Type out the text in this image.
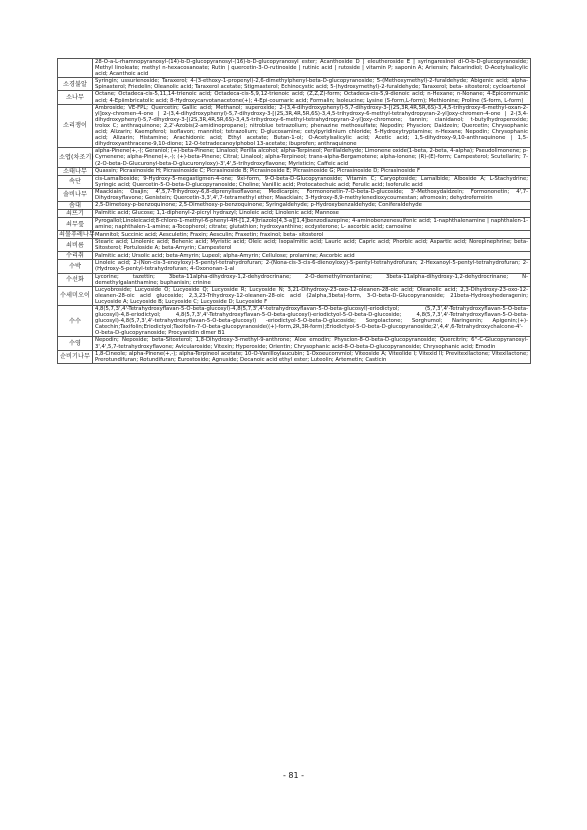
	28-O-a-L-rhamnopyranosyl-(14)-b-D-glucopyranosyl-(16)-b-D-glucopyranosyl ester; Acanthoside D | eleutheroside E | syringaresinol di-O-b-D-glucopyranoside; Methyl linoleate; methyl n-hexacosanoate; Rutin | quercetin-3-O-rutinoside | rutinic acid | rutoside | vitamin P; saponin A; Ariensin; Falcarindiol; O-Acetylsalicylic acid; Acanthoic acid
소경불알	Syringin; ussurienoside; Taraxerol; 4-(3-ethoxy-1-propenyl)-2,6-dimethylphenyl-beta-D-glucopyranoside; 5-(Methoxymethyl)-2-furaldehyde; Abigenic acid; alpha-Spinasterol; Friedelin; Oleanolic acid; Taraxerol acetate; Stigmasterol; Echinocystic acid; 5-(hydroxymethyl)-2-furaldehyde; Taraxerol; beta- sitosterol; cycloartenol
소나무	Octane; Octadeca-cis-5,11,14-trienoic acid; Octadeca-cis-5,9,12-trienoic acid; (Z,Z,Z)-form; Octadeca-cis-5,9-dienoic acid; n-Hexane; n-Nonane; 4-Epicommunic acid; 4-Epiimbricatolic acid; 8-Hydroxycarvotanacetone(+); 4-Epi-coumaric acid; Formalin; Isoleucine; Lysine (S-form,L-form); Methionine; Proline (S-form, L-form)
소리쟁이	Ambroside; VE-FPL; Quercetin; Gallic acid; Methanol; superoxide; 2-(3,4-dihydroxyphenyl)-5,7-dihydroxy-3-[(2S,3R,4R,5R,6S)-3,4,5-trihydroxy-6-methyl-oxan-2-yl]oxy-chromen-4-one | 2-(3,4-dihydroxyphenyl)-5,7-dihydroxy-3-[(2S,3R,4R,5R,6S)-3,4,5-trihydroxy-6-methyl-tetrahydropyran-2-yl]oxy-chromen-4-one | 2-(3,4-dihydroxyphenyl)-5,7-dihydroxy-3-[(2S,3R,4R,5R,6S)-3,4,5-trihydroxy-6-methyl-tetrahydropyran-2-yl]oxy-chromone; tannin; cianidanol; t-butylhydroperoxide; trolox C; anthraquinone; 2,2'-Azobis(2-amidinopropane); nitroblue tetrazolium; phenazine methosulfate; Nepodin; Physcion; Daidzein; Quercetin; Chrysophanic acid; Alizarin; Kaempferol; isoflavon; mannitol; tetrazolium; D-glucosamine; cetylpyridinium chloride; 5-Hydroxytryptamine; n-Hexane; Nepodin; Chrysophanic acid; Alizarin; Histamine; Arachidonic acid; Ethyl acetate; Butan-1-ol; O-Acetylsalicylic acid; Acetic acid; 1,5-dihydroxy-9,10-anthraquinone | 1,5-dihydroxyanthracene-9,10-dione; 12-O-tetradecanoylphobol 13-acetate; ibuprofen; anthraquinone
소엽(차조기)	alpha-Pinene(+,-); Geraniol; (+)-beta-Pinene; Linalool; Perilla alcohol; alpha-Terpineol; Perillaldehyde; Limonene oxide(1-beta, 2-beta, 4-alpha); Pseudolimonene; p-Cymenene; alpha-Pinene(+,-); (+)-beta-Pinene; Citral; Linalool; alpha-Terpineol; trans-alpha-Bergamotene; alpha-lonone; (R)-(E)-form; Campesterol; Scutellarin; 7-(2-O-beta-D-Glucuronyl-beta-D-glucuronyloxy)-3',4',5-trihydroxyflavone; Myristicin; Caffeic acid
소태나무	Quassin; Picrasinoside H; Picrasinoside C; Picrasinoside B; Picrasinoside E; Picrasinoside G; Picrasinoside D; Picrasinoside F
속단	cis-Lamalboside; 9-Hydroxy-5-megastigmen-4-one; 9xi-form, 9-O-beta-D-Glucopyranoside; Vitamin C; Caryoptoside; Lamalbide; Alboside A; L-Stachydrine; Syringic acid; Quercetin-5-O-beta-D-glucopyranoside; Choline; Vanillic acid; Protocatechuic acid; Ferulic acid; Isoferulic acid
솔비나무	Maackiain; Osajin; 4',5,7-Trihydroxy-6,8-diprenylisoflavone; Medicarpin; Formononetin-7-O-beta-D-glucoside; 3'-Methoxydaidzein; Formononetin; 4',7-Dihydroxyflavone; Genistein; Quercetin-3,3',4',7-tetramethyl ether; Maackiain; 3-Hydroxy-8,9-methylenedioxycoumestan; afromosin; dehydroferreirin
솜대	2,5-Dimetoxy-p-benzoquinone; 2,5-Dimethoxy-p-benzoquinone; Syringaldehyde; p-Hydroxybenzaldehyde; Coniferaldehyde
쇠뜨기	Palmitic acid; Glucose; 1,1-diphenyl-2-picryl hydrazyl; Linoleic acid; Linolenic acid; Mannose
쇠무릎	Pyrogallol;Linoleicacid;8-chloro-1-methyl-6-phenyl-4H-[1,2,4]triazolo[4,3-a][1,4]benzodiazepine; 4-aminobenzenesulfonic acid; 1-naphthalenamine | naphthalen-1-amine; naphthalen-1-amine; a-Tocopherol; citrate; glutathion; hydroxyanthine; ecdysterone; L- ascorbic acid; carnosine
쇠물푸레나무	Mannitol; Succinic acid; Aesculetin; Fraxin; Aesculin; Fraxetin; fraxinol; beta- sitosterol
쇠비름	Stearic acid; Linolenic acid; Behenic acid; Myristic acid; Oleic acid; Isopalmitic acid; Lauric acid; Capric acid; Phorbic acid; Aspartic acid; Norepinephrine; beta-Sitosterol; Portuloside A; beta-Amyrin; Campesterol
수리취	Palmitic acid; Ursolic acid; beta-Amyrin; Lupeol; alpha-Amyrin; Cellulose; prolamine; Ascorbic acid
수박	Linoleic acid; 2-(Non-cis-3-enoyloxy)-5-pentyl-tetrahydrofuran; 2-(Nona-cis-3-cis-6-dienoyloxy)-5-pentyl-tetrahydrofuran; 2-Hexanoyl-5-pentyl-tetrahydrofuran; 2-(Hydroxy-5-pentyl-tetrahydrofuran; 4-Oxononan-1-al
수선화	Lycorine; tazettin; 3beta-11alpha-dihydroxy-1,2-dehydrocrinane; 2-O-demethylmontanine; 3beta-11alpha-dihydroxy-1,2-dehydrocrinane; N-demethylgalanthamine; buphanisin; crinine
수세미오이	Lucyobroside; Lucyoside O; Lucyoside Q; Lucyoside R; Lucyoside N; 3,21-Dihydroxy-23-oxo-12-oleanen-28-oic acid; Oleanolic acid; 2,3-Dihydroxy-23-oxo-12-oleanen-28-oic acid glucoside; 2,3,23-Trihydroxy-12-oleanen-28-oic acid (2alpha,3beta)-form, 3-O-beta-D-Glucopyranoside; 21beta-Hydroxyhederagenin; Lucyoside A; Lucyoside B; Lucyoside C; Lucyoside D; Lucyoside F
수수	4,8(5,7,3',4'-Tetrahydroxyflavan-5-O-beta-glucosyl)-4,8(5,7,3',4'-tetrahydroxyflavan-5-O-beta-glucosyl)-eriodictyol; (5,7,3',4'-Tetrahydroxyflavan-5-O-beta-glucosyl)-4,8-eriodictyol; 4,8(5,7,3',4'-Tetrahydroxyflavan-5-O-beta-glucosyl)-eriodictyol-5-O-beta-D-glucoside; 4,8(5,7,3',4'-Tetrahydroxyflavan-5-O-beta-glucosyl)-4,8(5,7,3',4'-tetrahydroxyflavan-5-O-beta-glucosyl) -eriodictyol-5-O-beta-D-glucoside; Sorgolactone; Sorghumol; Naringenin; Apigenin;(+)-Catechin;Taxifolin;Eriodictyol;Taxifolin-7-O-beta-glucopyranoside((+)-form,2R,3R-form);Eriodictyol-5-O-beta-D-glucopyranoside;2',4,4',6-Tetrahydroxychalcone-4'-O-beta-D-glucopyranoside; Procyanidin dimer B1
수영	Nepodin; Neposide; beta-Sitosterol; 1,8-Dihydroxy-3-methyl-9-anthrone; Aloe emodin; Physcion-8-O-beta-D-glucopyranoside; Quercitrin; 6''-C-Glucopyranosyl-3',4',5,7-tetrahydroxyflavone; Avicularoside; Vitexin; Hyperoside; Orientin; Chrysophanic acid-8-O-beta-D-glucopyranoside; Chrysophanic acid; Emodin
순비기나무	1,8-Cineole; alpha-Pinene(+,-); alpha-Terpineol acetate; 10-O-Vanilloylaucubin; 1-Oxoeucommiol; Viteoside A; Viteolide I; Vitexid II; Previtexilactone; Vitexilactone; Prerotundifuran; Rotundifuran; Eurostoside; Agnuside; Decanoic acid ethyl ester; Luteolin; Artemetin; Casticin
- 81 -
